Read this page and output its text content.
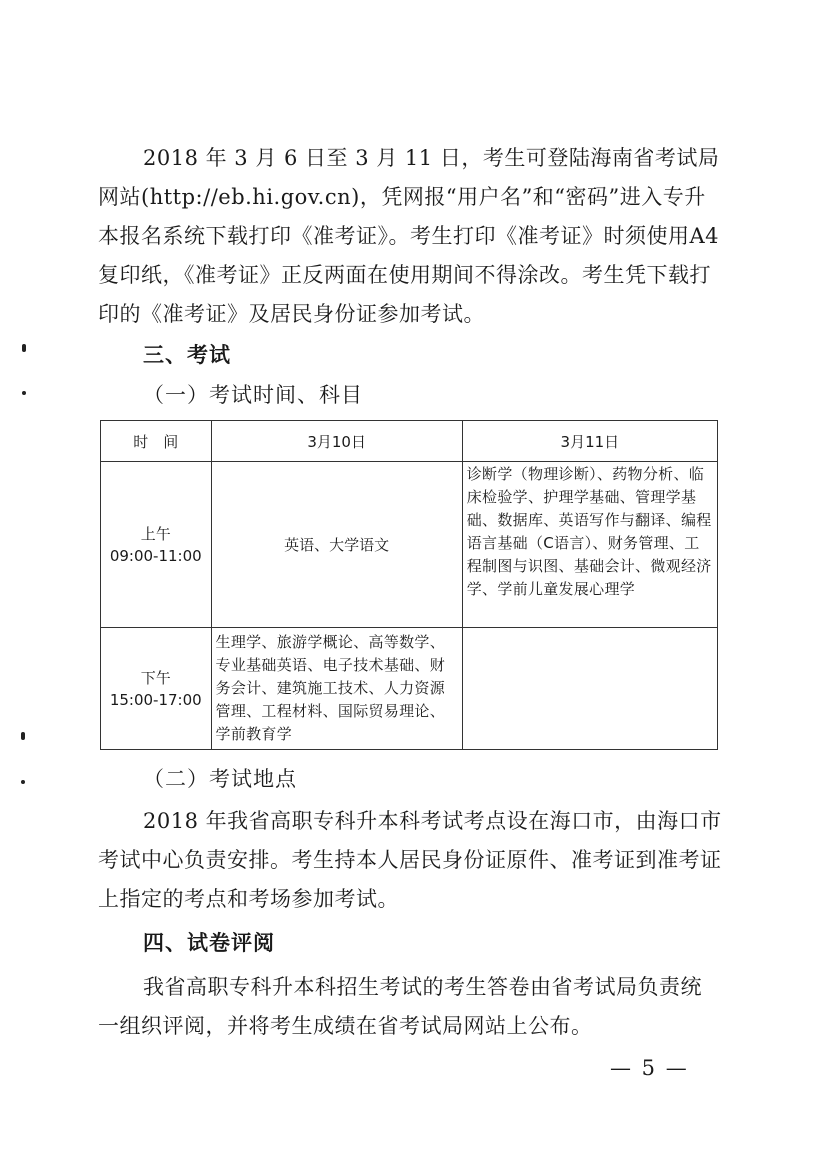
2018 年 3 月 6 日至 3 月 11 日，考生可登陆海南省考试局网站(http://eb.hi.gov.cn)，凭网报“用户名”和“密码”进入专升本报名系统下载打印《准考证》。考生打印《准考证》时须使用A4 复印纸，《准考证》正反两面在使用期间不得涂改。考生凭下载打印的《准考证》及居民身份证参加考试。

三、考试

（一）考试时间、科目

时　间	3月10日	3月11日

上午
09:00-11:00	英语、大学语文	诊断学（物理诊断）、药物分析、临床检验学、护理学基础、管理学基础、数据库、英语写作与翻译、编程语言基础（C语言）、财务管理、工程制图与识图、基础会计、微观经济学、学前儿童发展心理学

下午
15:00-17:00	生理学、旅游学概论、高等数学、专业基础英语、电子技术基础、财务会计、建筑施工技术、人力资源管理、工程材料、国际贸易理论、学前教育学	

（二）考试地点

2018 年我省高职专科升本科考试考点设在海口市，由海口市考试中心负责安排。考生持本人居民身份证原件、准考证到准考证上指定的考点和考场参加考试。

四、试卷评阅

我省高职专科升本科招生考试的考生答卷由省考试局负责统一组织评阅，并将考生成绩在省考试局网站上公布。

— 5 —
